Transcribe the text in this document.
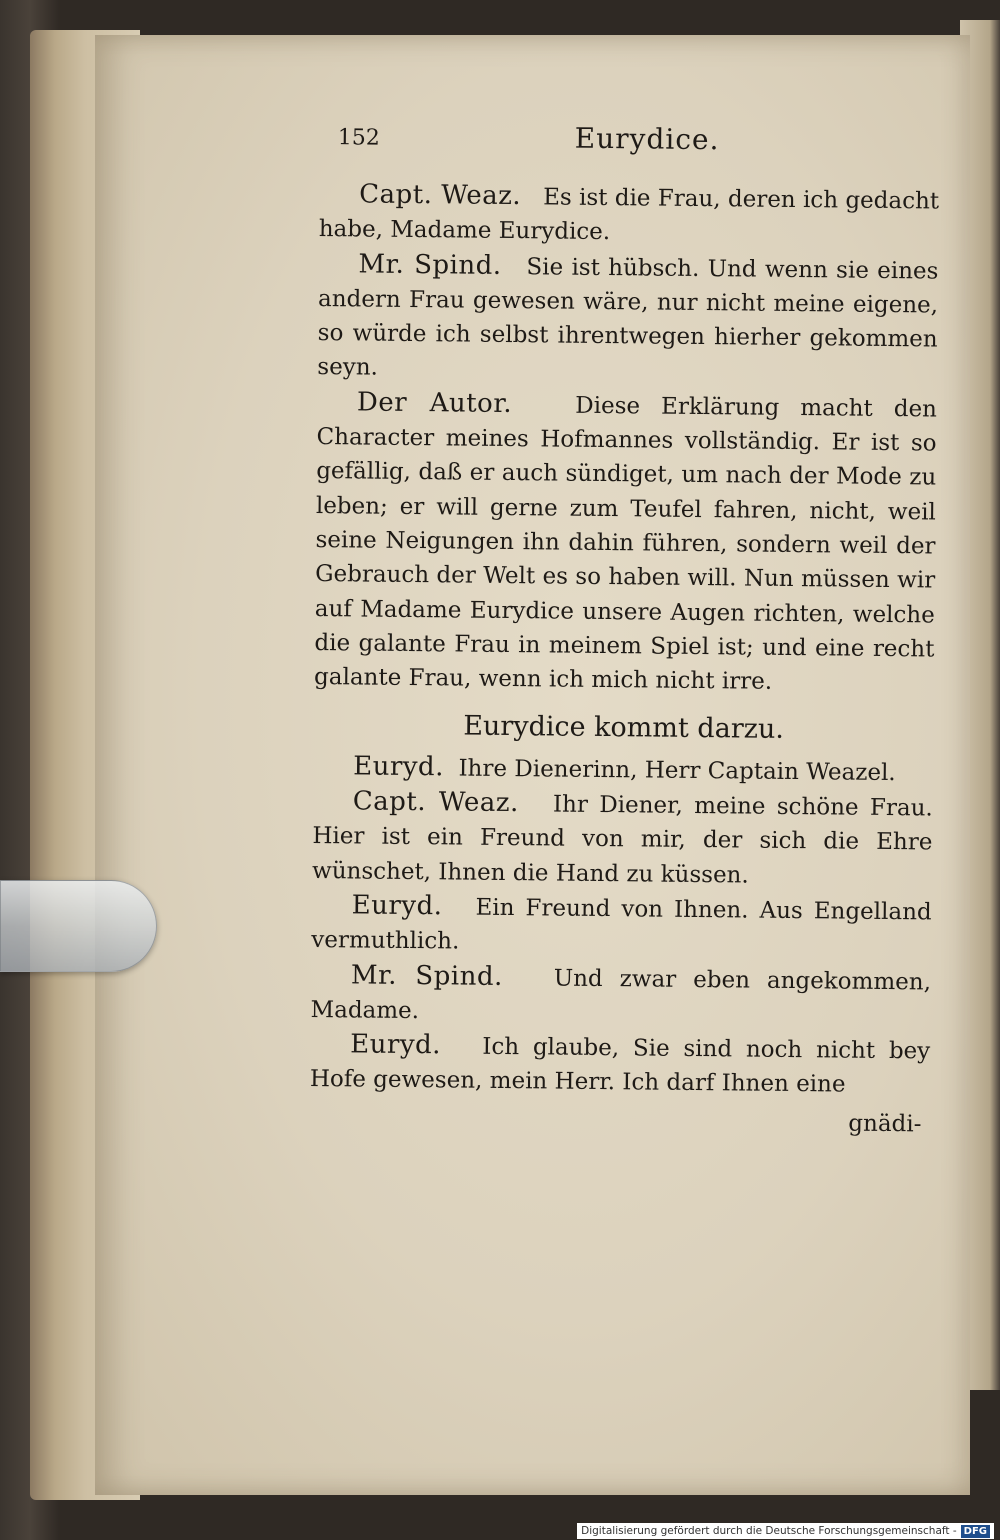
152	Eurydice.

Capt. Weaz. Es ist die Frau, deren ich gedacht habe, Madame Eurydice.

Mr. Spind. Sie ist hübsch. Und wenn sie eines andern Frau gewesen wäre, nur nicht meine eigene, so würde ich selbst ihrentwegen hierher gekommen seyn.

Der Autor.	Diese Erklärung macht den Character meines Hofmannes vollständig. Er ist so gefällig, daß er auch sündiget, um nach der Mode zu leben; er will gerne zum Teufel fahren, nicht, weil seine Neigungen ihn dahin führen, sondern weil der Gebrauch der Welt es so haben will. Nun müssen wir auf Madame Eurydice unsere Augen richten, welche die galante Frau in meinem Spiel ist; und eine recht galante Frau, wenn ich mich nicht irre.

Eurydice kommt darzu.

Euryd. Ihre Dienerinn, Herr Captain Weazel.

Capt. Weaz. Ihr Diener, meine schöne Frau. Hier ist ein Freund von mir, der sich die Ehre wünschet, Ihnen die Hand zu küssen.

Euryd. Ein Freund von Ihnen. Aus Engelland vermuthlich.

Mr. Spind. Und zwar eben angekommen, Madame.

Euryd. Ich glaube, Sie sind noch nicht bey Hofe gewesen, mein Herr. Ich darf Ihnen eine

gnädi-

Digitalisierung gefördert durch die Deutsche Forschungsgemeinschaft - DFG
